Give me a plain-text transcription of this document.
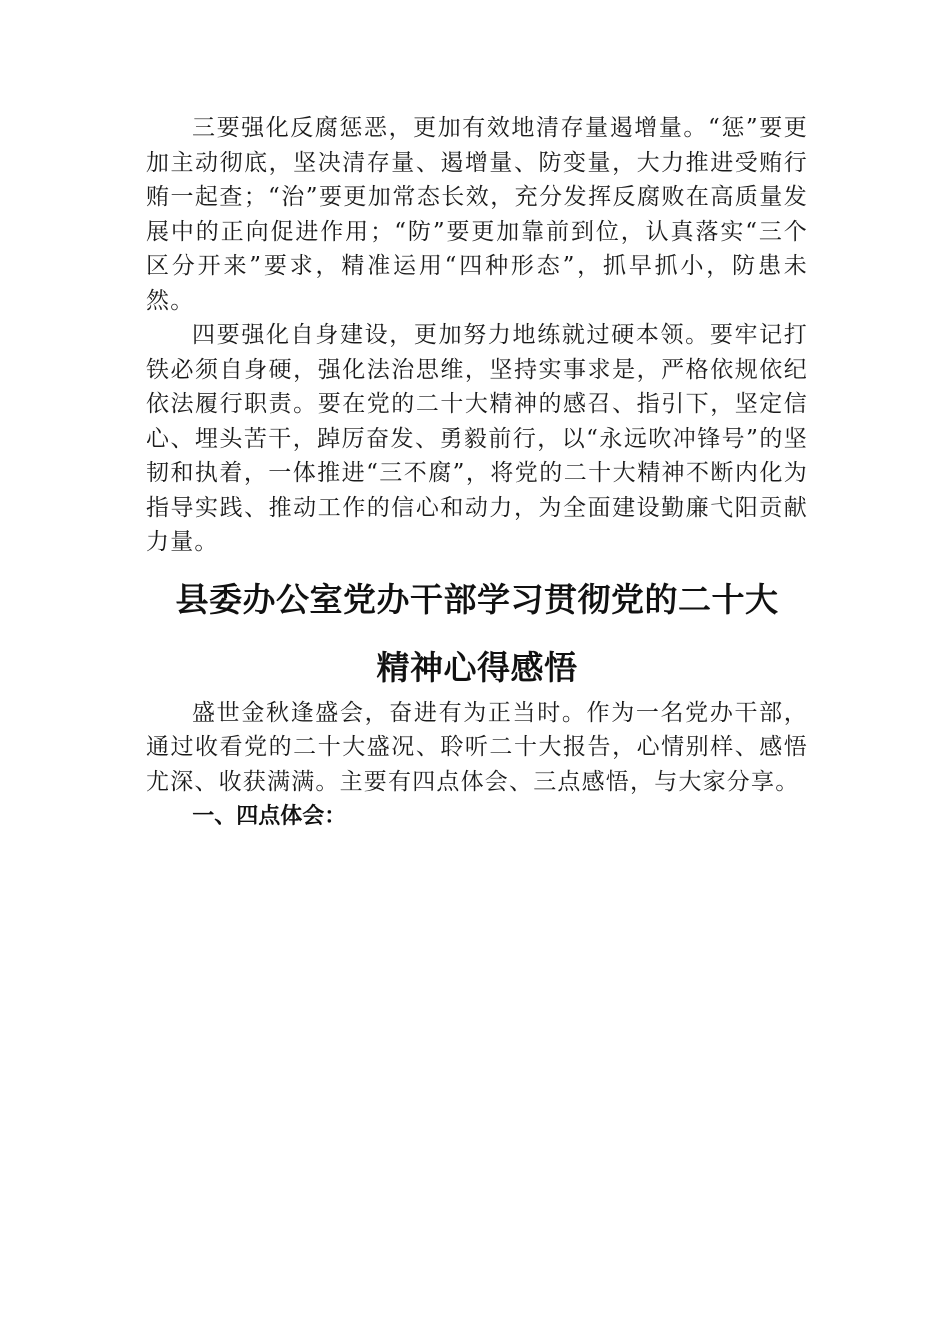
三要强化反腐惩恶，更加有效地清存量遏增量。“惩”要更加主动彻底，坚决清存量、遏增量、防变量，大力推进受贿行贿一起查；“治”要更加常态长效，充分发挥反腐败在高质量发展中的正向促进作用；“防”要更加靠前到位，认真落实“三个区分开来”要求，精准运用“四种形态”，抓早抓小，防患未然。

四要强化自身建设，更加努力地练就过硬本领。要牢记打铁必须自身硬，强化法治思维，坚持实事求是，严格依规依纪依法履行职责。要在党的二十大精神的感召、指引下，坚定信心、埋头苦干，踔厉奋发、勇毅前行，以“永远吹冲锋号”的坚韧和执着，一体推进“三不腐”，将党的二十大精神不断内化为指导实践、推动工作的信心和动力，为全面建设勤廉弋阳贡献力量。

县委办公室党办干部学习贯彻党的二十大
精神心得感悟

盛世金秋逢盛会，奋进有为正当时。作为一名党办干部，通过收看党的二十大盛况、聆听二十大报告，心情别样、感悟尤深、收获满满。主要有四点体会、三点感悟，与大家分享。

一、四点体会：
